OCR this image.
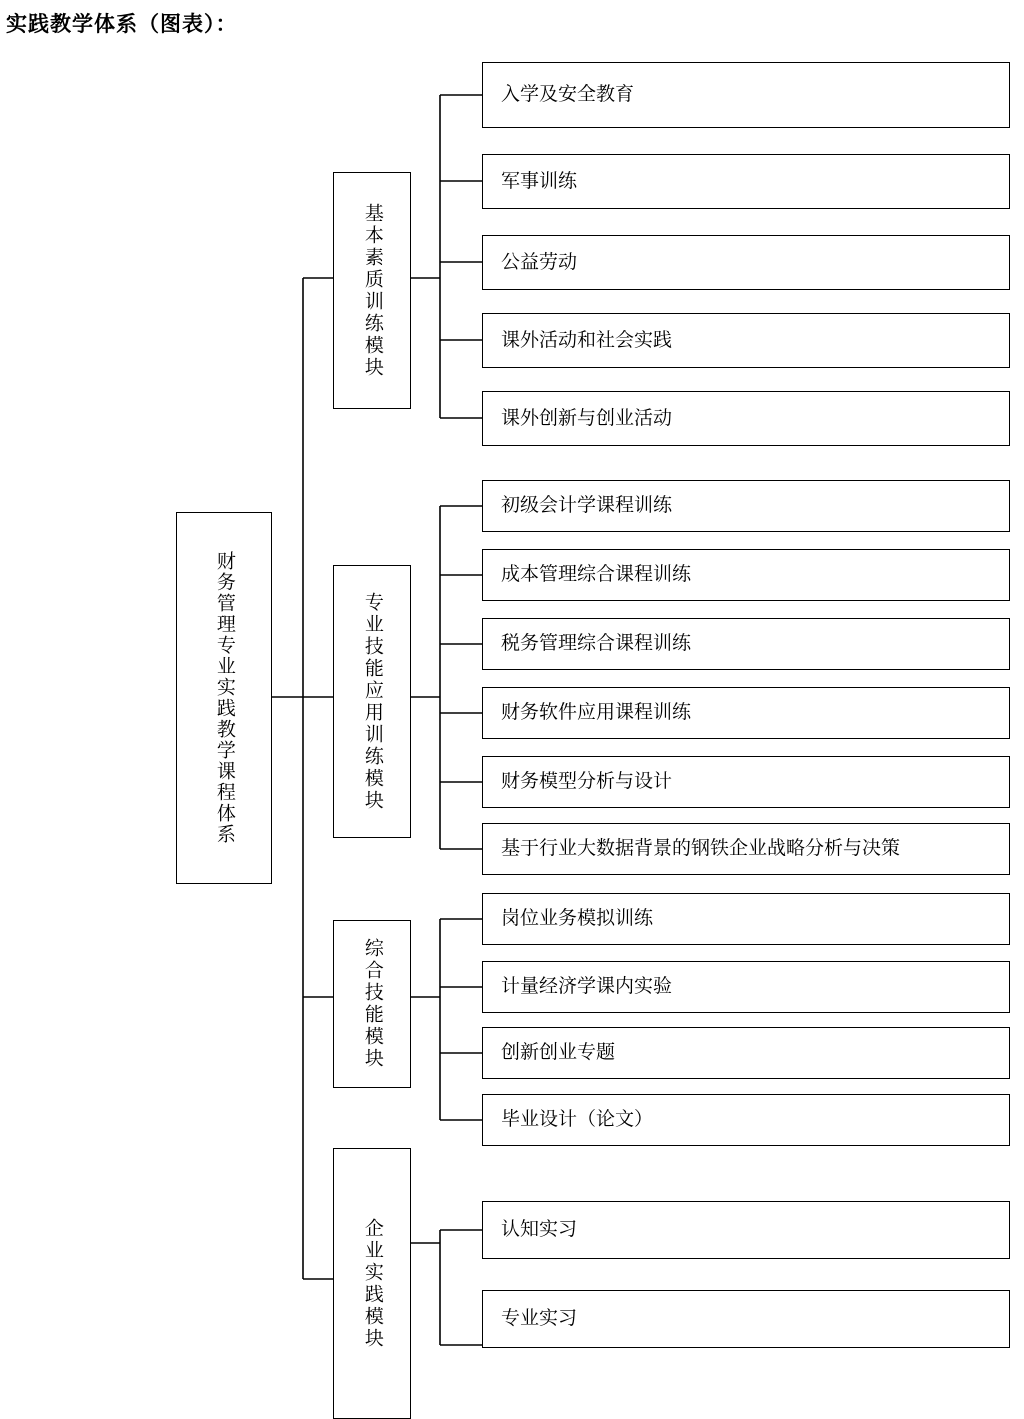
实践教学体系（图表）：
财务管理专业实践教学课程体系
基本素质训练模块
专业技能应用训练模块
综合技能模块
企业实践模块
入学及安全教育
军事训练
公益劳动
课外活动和社会实践
课外创新与创业活动
初级会计学课程训练
成本管理综合课程训练
税务管理综合课程训练
财务软件应用课程训练
财务模型分析与设计
基于行业大数据背景的钢铁企业战略分析与决策
岗位业务模拟训练
计量经济学课内实验
创新创业专题
毕业设计（论文）
认知实习
专业实习
